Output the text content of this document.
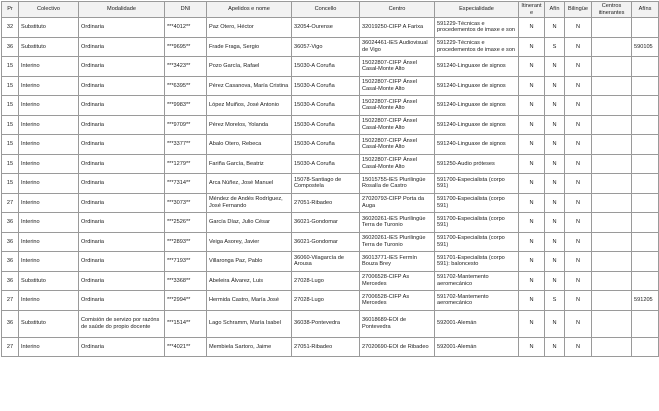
Pr	Colectivo	Modalidade	DNI	Apelidos e nome	Concello	Centro	Especialidade	Itinerante	Afín	Bilingüe	Centros itinerantes	Afíns
32	Substituto	Ordinaria	***4012**	Paz Otero, Héctor	32054-Ourense	32019250-CIFP A Farixa	591229-Técnicas e procedementos de imaxe e son	N	N	N		
36	Substituto	Ordinaria	***9695**	Frade Fraga, Sergio	36057-Vigo	36024461-IES Audiovisual de Vigo	591229-Técnicas e procedementos de imaxe e son	N	S	N		590105
15	Interino	Ordinaria	***3423**	Pozo García, Rafael	15030-A Coruña	15022807-CIFP Ánxel Casal-Monte Alto	591240-Linguaxe de signos	N	N	N		
15	Interino	Ordinaria	***6395**	Pérez Casanova, María Cristina	15030-A Coruña	15022807-CIFP Ánxel Casal-Monte Alto	591240-Linguaxe de signos	N	N	N		
15	Interino	Ordinaria	***9983**	López Muiños, José Antonio	15030-A Coruña	15022807-CIFP Ánxel Casal-Monte Alto	591240-Linguaxe de signos	N	N	N		
15	Interino	Ordinaria	***9709**	Pérez Morelos, Yolanda	15030-A Coruña	15022807-CIFP Ánxel Casal-Monte Alto	591240-Linguaxe de signos	N	N	N		
15	Interino	Ordinaria	***3377**	Abalo Otero, Rebeca	15030-A Coruña	15022807-CIFP Ánxel Casal-Monte Alto	591240-Linguaxe de signos	N	N	N		
15	Interino	Ordinaria	***1279**	Fariña García, Beatriz	15030-A Coruña	15022807-CIFP Ánxel Casal-Monte Alto	591250-Audio próteses	N	N	N		
15	Interino	Ordinaria	***7314**	Arca Núñez, José Manuel	15078-Santiago de Compostela	15015755-IES Plurilingüe Rosalía de Castro	591700-Especialista (corpo 591)	N	N	N		
27	Interino	Ordinaria	***3073**	Méndez de Andés Rodríguez, José Fernando	27051-Ribadeo	27020793-CIFP Porta da Auga	591700-Especialista (corpo 591)	N	N	N		
36	Interino	Ordinaria	***2526**	García Díaz, Julio César	36021-Gondomar	36020261-IES Plurilingüe Terra de Turonio	591700-Especialista (corpo 591)	N	N	N		
36	Interino	Ordinaria	***2893**	Veiga Asorey, Javier	36021-Gondomar	36020261-IES Plurilingüe Terra de Turonio	591700-Especialista (corpo 591)	N	N	N		
36	Interino	Ordinaria	***7193**	Villaronga Paz, Pablo	36060-Vilagarcía de Arousa	36013771-IES Fermín Bouza Brey	591701-Especialista (corpo 591): baloncesto	N	N	N		
36	Substituto	Ordinaria	***3368**	Abeleira Álvarez, Luis	27028-Lugo	27006528-CIFP As Mercedes	591702-Mantemento aeromecánico	N	N	N		
27	Interino	Ordinaria	***2994**	Hermida Castro, María José	27028-Lugo	27006528-CIFP As Mercedes	591702-Mantemento aeromecánico	N	S	N		591205
36	Substituto	Comisión de servizo por razóns de saúde do propio docente	***1514**	Lago Schramm, María Isabel	36038-Pontevedra	36018689-EOI de Pontevedra	592001-Alemán	N	N	N		
27	Interino	Ordinaria	***4021**	Membiela Sartoro, Jaime	27051-Ribadeo	27020690-EOI de Ribadeo	592001-Alemán	N	N	N		
